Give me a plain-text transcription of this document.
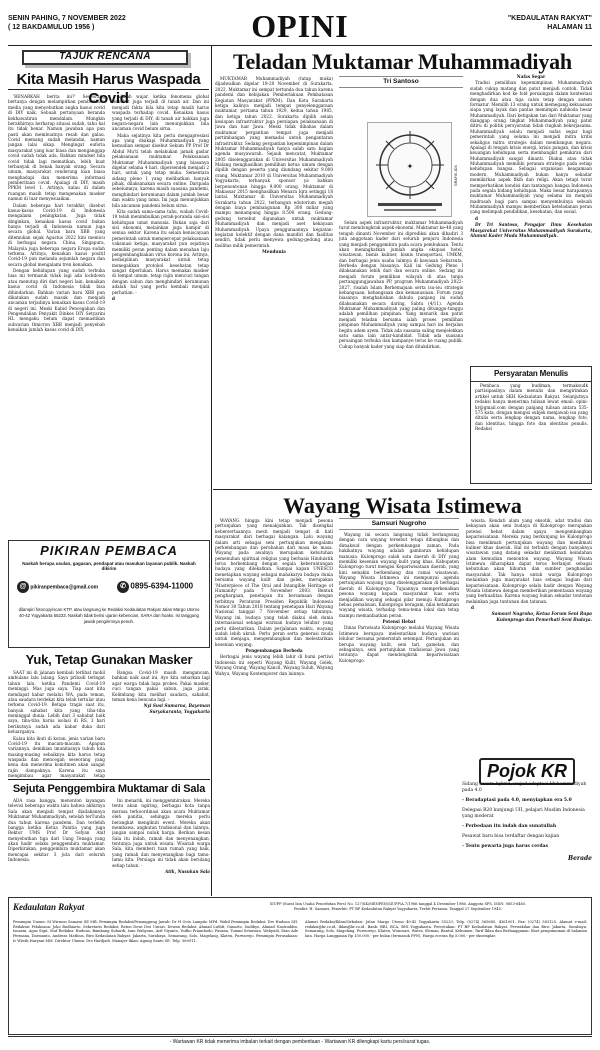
SENIN PAHING, 7 NOVEMBER 2022
( 12 BAKDAMULUD 1956 )	OPINI	"KEDAULATAN RAKYAT"
HALAMAN 11
TAJUK RENCANA
Kita Masih Harus Waspada Covid

'BENARKAH berita ini?' Seseorang bertanya dengan melampirkan pemberitaan media yang menyebutkan angka kasus covid di DIY naik. Sebuah pertanyaan beranda kekhawatiran mendalam. Mungkin berakhirnya berharap situasi sudah, tahu hal itu tidak benar. Namun jawaban apa pun pasti akan membuatnya resah dan galau. Covid memang sudah melandai, namun jangan lalai sikap. Mengingat euforia masyarakat yang luar biasa dan menganggap covid sudah tidak ada. Bahkan mindset bila covid tidak lagi mematikan, lebih kuat terbanyak di benak banyak orang. Secara umum, masyarakat cenderung kian biasa menghadapi dan menerima informasi pemberitaan covid. Apalagi di DIY, masih PPKM level 1. Artinya, kalau di dalam ruangan masih tetap mengenakan masker namun di luar menyesuaikan.

Dalam beberapa hari terakhir, disebut kasus-kasus Covid-19 di Indonesia mengalami peningkatan. Juga tidak dinginkan, kenaikan kasus covid bukan hanya terjadi di Indonesia namun juga secara global. Varian baru XBB yang ditemukan sejak Agustus 2022 kini memicu di berbagai negara. China, Singapura, Malaysia juga beberapa negara Eropa sudah terkena. Artinya, kenaikan kasus positif Covid-19 pun melanda sejumlah negara dan secara global mengalami tren kenaikan.

Dengan kehidupan yang sudah terbuka luas ini termasuk tidak lagi ada lockdown atau menutup diri dari negeri lain, kenaikan kasus covid di Indonesia tidak bisa dihindarkan. Bahkan varian baru XBB pun dikatakan sudah masuk dan menjadi ancaman terjadinya kenaikan kasus Covid-19 di negeri ini. Meski Kabid Pencegahan dan Pengendalian Penyakit Dinkes DIY Setyarini HL mengaku belum dapat memastikan subvarian Omicron XBB menjadi penyebab kenaikan jumlah kasus covid di DIY.

Adalah wajar, ketika fenomena global tersebut juga terjadi di tanah air. Dan ini menjadi fakta bila kita tetap masih harus waspada terhadap covid. Kenaikan kasus yang terjadi di DIY, di tanah air bahkan juga negara-negara lain menunjukkan bila ancaman covid belum sirna.

Maka sejatinya kita perlu mengapresiasi apa yang disikapi Muhammadiyah yang kemudian sempat disebut Sekum PP Prof Dr Abdul Mu'ti telah melakukan jamak gaslar pelaksanaan muktamar. Pelaksanaan Muktamar Muhammadiyah yang biasanya digelar selama 4 hari, dipersendek menjadi 2 hari, untuk yang tetap muka. Sementara sidang pleno I yang melibatkan banyak pihak, dilaksanakan secara online. Daripada sebelumnya, karena masih suasana pandemi, menghindari kerumunan dalam jumlah besar dan waktu yang lama. Ini juga menunjukkan bila ancaman pandemi belum sirna.

Kita sudah sama-sama tahu, wabah Covid-19 telah menimbulkan porak-poranda sisi-sisi kehidupan umat manusia. Bukan saja dari sisi ekonomi, melainkan juga hampir di semua sektor. Karena itu selain keniscayaan pemerintah untuk mempercepat pelaksanaan vaksinasi ketiga, masyarakat pun sejatinya memiliki peran penting dalam menahan laju pengembangbiakan virus korona ini. Artinya, kedisiplinan masyarakat untuk tetap menegakkan protokol kesehatan tetap sangat diperlukan. Harus memakai masker di tempat umum, tetap rajin mencuci tangan dengan sabun dan menghindari kerumunan adalah hal yang perlu kembali menjadi perhatian. -

d
PIKIRAN PEMBACA
Naskah berupa usulan, gagasan, pendapat atau masukan layanan publik. Naskah dikirim
@ pikiranpembaca@gmail.com	✆ 0895-6394-11000
dilampiri fotocopy/scan KTP, atau langsung ke Redaksi Kedaulatan Rakyat Jalan Margo Utomo 40-42 Yogyakarta 55233. Naskah tidak berisi ujaran kebencian, SARA dan hoaks. Isi tanggung jawab pengirimnya penuh.
Yuk, Tetap Gunakan Masker

SAAT ini di jalanan kembali terlihat mobil ambulans lalu lalang. Saya pribadi teringat tahun lalu, ketika Pandemi Covid-19 meninggi. Mas juga saya. Tiap saat kita mendapat kabar melalui WA, pada teman, atau saudara terdekat kita telah tertular atau terkena Covid-19. Betapa tragis saat itu, banyak sahabat kita yang tiba-tiba meninggal dunia. Lebih dari 3 sahabat baik saya, tiba-tiba harus isolasi di RS, 3 hari berikutnya sudah ada kabar duka dari keluarganya.

Kalau kita ikuti di koran, jenis varian baru Covid-19 itu macam-macam. Apapun variannya, demikian imunitasnya tubuh kita masing-masing sebaiknya kita harus tetap waspada dan mencegah seseorang yang kena dan menerima komitmen akan sangat rajin dampaknya. Karena itu saya mengimbau agar masyarakat tetap

Bangsa Covid-19 masih mengancam, bahkan naik saat ini. Ayo kita sebarkan lagi agar warga tidak lupa prokes. Pakai masker, cuci tangan pakai sabun, jaga jarak. Kelimbang kita melihat saudara, sahabat, teman kena bencana lagi. -

Nyi Susi Sumarna, Bayeman Suryakaranta, Yogyakarta

Sejuta Penggembira Muktamar di Sala

ADA rasa bangga, menonton layangan televisi beberapa waktu lalu bahwa akhirnya Sala akan menjadi tempat diadakannya Muktamar Muhammadiyah, setelah terTunda dua tahun karena pandemi. Dan terlebih bangga ketika Ketua Panitia yang juga Rektor UMS Prof Dr Sofyan Anif menyebutkan tiga dari Uang Tenaga yang akan hadir selaku penggembira muktamar. Diperkirakan, penggembira muktamar akan mencapai sekitar 3 juta dari seluruh Indonesia.

Ini menarik, ini menggembirakan. Mereka tentu akan ngiring, berbagai kota tanpa merasa terkoordinasi akan acara Muktamar oleh panitia, sehingga mereka perlu berangkat mengikuti event. Mereka akan membawa, angkutan tradisional dan lainnya, jangan sampai nuluk harga. Berikan kesan Sala itu indah, ramah dan menyenangkan, tentunya juga untuk wisata. Wisatah warga Sala, kita memberi tuan rumah yang baik, yang ramah dan menyenangkan bagi tamu-tamu kita. Persiaga ini tidak akan berulang setiap tahun. -

Atik, Nusukan Sala

Teladan Muktamar Muhammadiyah

MUKTAMAR Muhammadiyah (tatap muka) dijadwalkan digelar 19-20 November di Surakarta, 2022. Muktamar ini sempat tertunda dua tahun karena pandemi dan kebijakan Pemberlakuan Pembatasan Kegiatan Masyarakat (PPKM). Dan Kota Surakarta ketiga kalinya menjadi tempat penyelenggaraan muktamar, pertama tahun 1929, kedua tahun 1985, dan ketiga tahun 2022. Surakarta dipilih selain kesiapan infrastruktur juga persiapan pelaksanaan di Jawa dan luar Jawa. Meski tidak dibahas dalam muktamar, pergantian tempat juga menjadi pertimbangan yang memadai untuk pengantaran infrastruktur. Sedang pergantian kepemimpinan dalam Muktamar Muhammadiyah hanya salah satu bagian agenda musyawarah. Sejauh mencatat, Muktamar 2005 diselenggarakan di Universitas Muhammadiyah Malang menghasilkan pemilihan ketua umum dengan dipilih dengan peserta yang diundang sekitar 9.000 orang. Muktamar 2010 di Universitas Muhammadiyah Yogyakarta, terbanyak sponsor ya bahkan berpenontonan hingga 9.000 orang. Muktamar di Makassar 2015 menghasilkan Menara Iqra setinggi 18 lantai. Muktamar di Universitas Muhammadiyah Surakarta tahun 2022, terbangun edutorium megah dengan biaya pembangunan Rp 300 miliar yang mampu menampung hingga 8.500 orang. Gedung-gedung tersebut digunakan untuk muktamar Muhammadiyah dan menjadi aset kekayaan Muhammadiyah. Upaya penggunaannya kegiatan-kegiatan kolektif dengan dana mandiri dan fasilitas sendiri, tidak perlu menyewa gedung-gedung atau fasilitas milik pemerintah.

Mendunia

Tri Santoso
✦	GRAFIS JOS

Selain aspek infrastruktur, muktamar Muhammadiyah turut mendongkrak aspek ekonomi. Muktamar ke-48 yang tengah dinanti November ini diprediksi akan dihadiri 3 juta anggotaan kader dari seluruh penjuru Indonesia yang menjadi penggembira pada acara pembukaan. Tentu akan meningkatkan jumlah angka okupasi hotel, wisatawan, bisnis kuliner, bisnis transportasi, UMKM, dan berbagai jenis usaha lainnya di kawasan Sekarsuta. Berbeda dengan biasanya. Kali ini Gedung Pleno I dilaksanakan lebih dari dan secara online. Sedang ini menjadi forum pemilihan wilayah di atas tanpa pertanggungjawaban PP, program Muhammadiyah 2022-2027, risalah Islam Berkemajuan serta isu-isu strategis kebangsaan, kebangsaan dan kemanusiaan. Forum yang biasanya menghabiskan dahulu panjang ini sudah dilaksanakan secara daring, Sabtu (4/11). Agenda Muktamar Muhammadiyah yang paling ditunggu-tunggu adalah pemilihan pimpinan. Yang menarik dan patut menjadi teladan bersama ialah proses pemilihan pimpinan Muhammadiyah yang sampai hari ini berjalan begitu adem ayem. Tidak ada suasana saling menjelekkan satu sama lain antar-kandidat. Tidak ada suasana persaingan terbuka dan kampanye terus ke ruang publik. Cukup banyak kader yang siap dan ditakdirkan.

Nafas Segar

Tradisi pemilihan kepemimpinan Muhammadiyah sudah cukup matang dan patut menjadi contoh. Tidak menghadirkan kod ke fold persaingan dalam kontestasi dengan dua atau tiga calon tetap dengan sistem formatur. Memilih 13 orang untuk memegang kekuasaan siapa yang layak dan pantas memimpin nahkoda besar Muhammadiyah. Dari ketigakan tan dari Muktamar yang dianggap orang tingkat Muhammadiyah yang patut ditiru di politik persyaratan tidak ringkah bekerjasama. Muhammadiyah selalu menjadi nafas segar bagi pemerintah yang selama ini menjadi mitra kritis sekaligus mitra strategis dalam membangun negara. Apalagi di tengah krisis energi, krisis pangan, dan krisis keuangan kehidupan serta membangkit pemikiran dari Muhammadiyah sangat dinanti. Diakui atau tidak Muhammadiyah memiliki peranan strategis pada setiap kehidupan bangsa. Sebagai organisasi keagamaan modern, Muhammadiyah bukan hanya sekadar memikirkan aspek fikih dan religi. Akan tetapi turut memperhatikan kondisi dan tantangan bangsa Indonesia pada segala bidang kehidupan. Maka besar harapannya muktamar Muhammadiyah yang selama ini menjadi madrasah bagi para sampai menyembulnya sebuah Muhammadiyah mampu memberikan keteladanan peran yang melimpah pendidikan, kesehatan, dan sosial.

d

Dr Tri Santoso, Pengajar Ilmu Kesehatan Masyarakat Universitas Muhammadiyah Surakarta, Alumni Kader Muda Muhammadiyah.

Persyaratan Menulis

Pembaca yang budiman, termaksudk partisipasinya dalam menulis dan mengirimkan artikel untuk SKH Kedaulatan Rakyat. Selanjutnya redaksi hanya menerima tulisan lewat email: opini-kr@gmail.com dengan panjang tulisan antara 535-575 kata, dengan mengisi subjek menjawab isu yang ditulis serta lengkap dengan nama, lengkap foto, dan identitas, hingga foto dan identitas penulis. Redaksi

Wayang Wisata Istimewa

WAYANG hingga kini tetap menjadi pesona pertunjukan yang menakjubkan. Tak disengkal kebersertaannya mesti menjadi tempat di hati masyarakat dari berbagai kalangan. Lalu wayang dalam arti sebagai seni pertunjukan mengalami perkembangan dan perubahan dari masa ke masa. Wayang pada awalnya merupakan kebutuhan pemenuhan spiritual religius yang berbasis Hinduistik terus berkembang dengan segala keberuntungan budaya yang dilekatkan. Sampai kapan UNESCO menetapkan wayang sebagai mahakarya budaya dunia bersama wayang kulit dan golek, merupakan 'Masterpiece of The Oral and Intangible Heritage of Humanity' pada 7 November 2003. Bentuk penghargaan, penetapan itu bersamaan dengan terbitnya Peraturan Presiden Republik Indonesia Nomor 30 Tahun 2018 tentang penetapan Hari Wayang Nasional tanggal 7 November setiap tahunnya. Wayang ini, budaya yang telah diakui oleh dunia internasional sebagai warisan budaya leluhur yang perlu dilestarikan. Dalam perjalanan waktu, wayang sudah lebih akrab. Perlu peran serta generasi muda untuk menjaga, mengembangkan dan melestarikan kesenian wayang.

Pengembangan Berbeda

Berbagai jenis wayang lebih lahir di bumi pertiwi Indonesia ini seperti Wayang Kulit, Wayang Golek, Wayang Orang, Wayang Kancil, Wayang Suluh, Wayang Wahyu, Wayang Kontemporer dan lainnya.

Samsuri Nugroho

Wayang ini secara langsung tidak berlangsung dengan cara wayang tersebut tetapi dibungkus dan dimaksud dengan perkembangan zaman. Pada hakikatnya wayang adalah gambaran kehidupan manusia. Kulonprogo salah satu daerah di DIY yang memiliki kesenian wayang kulit yang khas. Kabupaten Kulonprogo turut mengisi Kepariwisataan daerah, yang kini semakin berkembang dan ramai wisatawan. Wayang Wisata Istimewa ini mempunyai agenda pertunjukan wayang yang diselenggarakan di berbagai daerah di Kulonprogo. Tujuannya memperkenalkan pesona wayang kepada masyarakat luas serta menjadikan wayang sebagai pilar menuju Kulonprogo bebas pemalsuan, Kulonprogo beragam, nilai ketahanan wayang wisata, terhadap tema-tema lokal dan tetap mampu memanfaatkan peran.

Potensi Hebat

Dinas Pariwisata Kulonprogo melalui Wayang Wisata Istimewa berupaya melestarikan budaya warisan leluhur bersama pemerintah setempat. Pertunjukan ini berupa wayang kulit, seni tari, gamelan, dan sebagainya, seni pertunjukan tradisional Jawa yang tentunya dapat mendongkrak kepariwisataan Kulonprogo.

wisata. Kendati alam yang eksotik, adat tradisi dan kekayaan akan seni budaya di Kulonprogo merupakan potensi hebat dalam upaya mengembangkan kepariwisataan. Mereka yang berkunjung ke Kulonprogo bisa menikmati pertunjukan wayang dan menikmati kuliner khas daerah. Hal ini terbukti dengan banyaknya wisatawan yang datang sekadar menikmati keindahan alam kemudian menonton wayang. Wayang Wisata Istimewa diharapkan dapat terus berlanjut sebagai kebutuhan akan hiburan dan sumber penghasilan masyarakat. Tak hanya untuk warga Kulonprogo melainkan juga masyarakat luas sebagai bagian dari kepariwisataan. Kulonprogo selalu hadir dengan Wayang Wisata Istimewa dengan memberikan pementasan wayang yang berkualitas. Karena wayang bukan sekadar tontonan melainkan juga tuntunan dan tatanan.

d

Samsuri Nugroho, Ketua Forum Seni Rupa Kulonprogo dan Pemerhati Seni Budaya.

Pojok KR

Sidang secara hybrid, wujud adaptasi Muhammadiyah pada 4.0

- Beradaptasi pada 4.0, menyiapkan era 5.0

Delegasi R20 kunjungi UII, pelajari Muslim Indonesia yang moderat

- Perbedaan itu indah dan sunatullah

Pesawat baru bisa terdaftar dengan kajian

- Tentu pewarta juga harus cerdas

Berade

Kedaulatan Rakyat	SIUPP (Surat Izin Usaha Penerbitan Pers) No. 127/SK/MENPEN/SIUPP/A.7/1986 tanggal 4 Desember 1986. Anggota SPS, ISSN: 0853-6465.
Pendiri: H. Samawi, Penerbit: PT BP Kedaulatan Rakyat Yogyakarta, Terbit Pertama: Tanggal 27 September 1945.
Pemimpin Umum: M Wirmon Samawi SE MB. Pemimpin Redaksi/Penanggung Jawab: Dr H Octo Lampito MPd. Wakil Pemimpin Redaksi: Drs Hudono SH. Redaktur Pelaksana: Joko Budhiarto. Sekretaris Redaksi: Retno Dewi Dwi Untari. Dewan Redaksi: Ahmad Luthfi, Gunarto, Sudibyo, Ahmad Nasiruddin, Isnaeni, Agus Sigit. Staf Redaksi: Hudono, Bambang Suhardi, Isnu Wahyono, Arif Giyanto, Yudho Priambodo, Fauzan, Tommi Setiawan, Wahyudi, Dian Ade Permana, Darmanto, Andreas Mathius. Biro Kedaulatan Rakyat: Jakarta, Surabaya, Semarang, Solo, Magelang, Klaten, Purworejo. Pemimpin Perusahaan: Ir Wiwik Haryani MM. Direktur Utama: Drs Hardjadi. Manajer Iklan: Agung Santo SE. Telp. 560911.
Alamat Redaksi/Iklan/Sirkulasi: Jalan Margo Utomo 40-42 Yogyakarta 55233, Telp. (0274) 565685, 4361001. Fax: (0274) 563125. Alamat e-mail: redaksi@kr.co.id, iklan@kr.co.id. Bank: BRI, BCA, BNI Yogyakarta. Percetakan: PT BP Kedaulatan Rakyat. Perwakilan dan Biro: Jakarta, Surabaya, Semarang, Solo, Magelang, Purworejo, Klaten, Wonosari, Wates, Sleman, Bantul, Kebumen. Tarif Iklan dan Berlangganan: lihat pengumuman di halaman lain. Harga Langganan Rp 150.000,- per bulan (termasuk PPN). Harga eceran Rp 5.000,- per eksemplar.
- Wartawan KR tidak menerima imbalan terkait dengan pemberitaan - Wartawan KR dilengkapi kartu pers/surat tugas.
